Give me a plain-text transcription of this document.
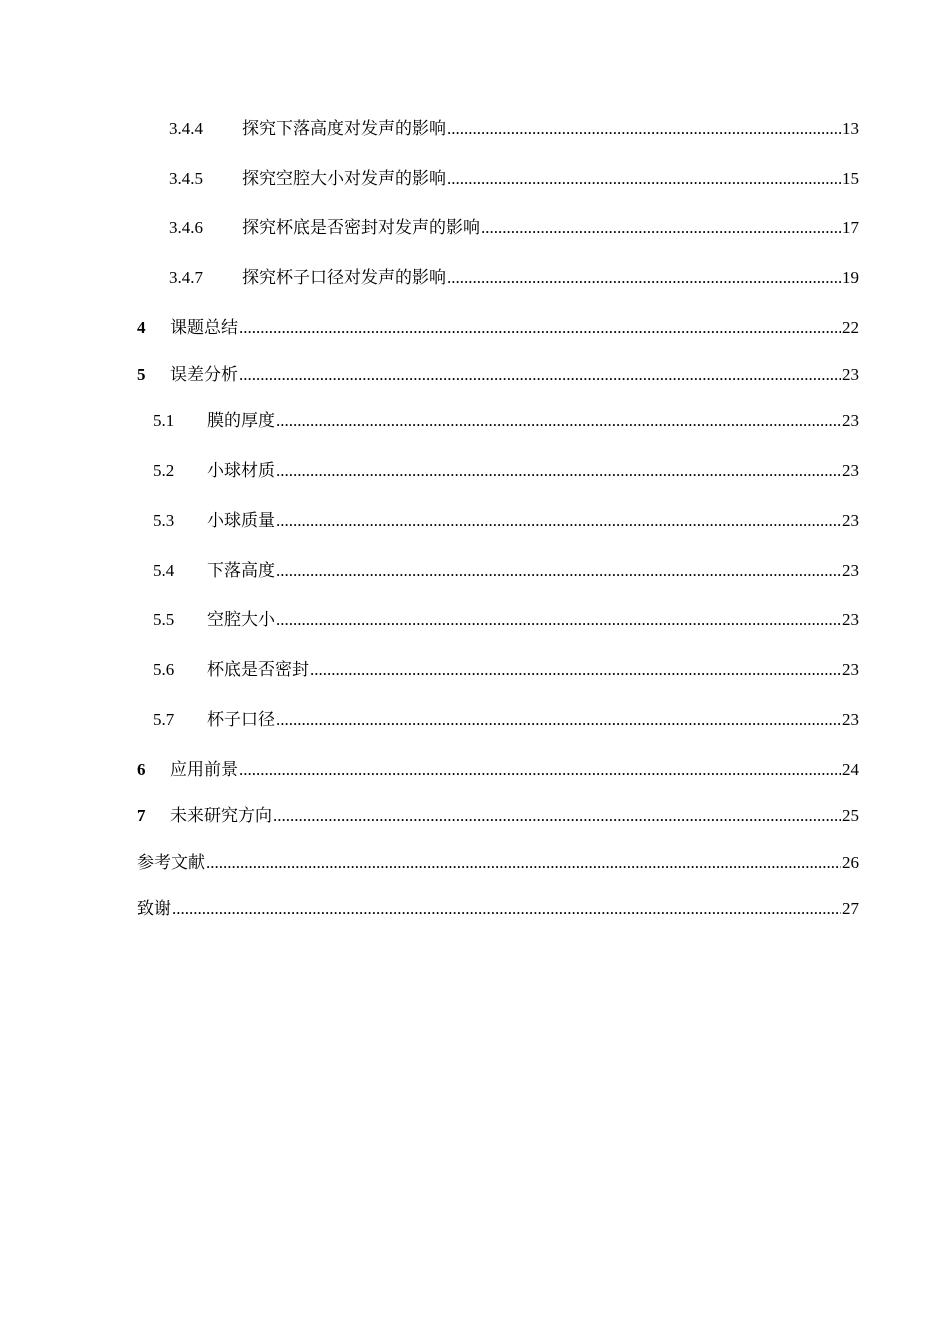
3.4.4 探究下落高度对发声的影响 .....	13
3.4.5 探究空腔大小对发声的影响 .....	15
3.4.6 探究杯底是否密封对发声的影响 .....	17
3.4.7 探究杯子口径对发声的影响 .....	19
4 课题总结 .....	22
5 误差分析 .....	23
5.1 膜的厚度 .....	23
5.2 小球材质 .....	23
5.3 小球质量 .....	23
5.4 下落高度 .....	23
5.5 空腔大小 .....	23
5.6 杯底是否密封 .....	23
5.7 杯子口径 .....	23
6 应用前景 .....	24
7 未来研究方向 .....	25
参考文献 .....	26
致谢 .....	27
